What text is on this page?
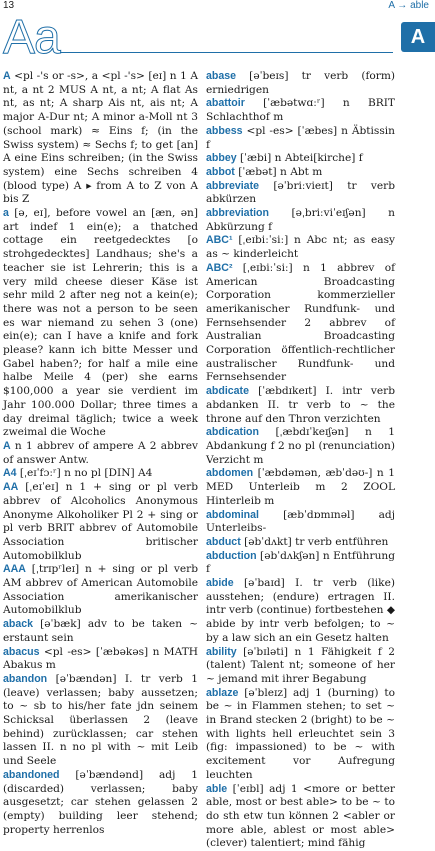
13	A → able
Aa	A

A <pl -'s or -s>, a <pl -'s> [eɪ] n 1 A nt, a nt 2 MUS A nt, a nt; A flat As nt, as nt; A sharp Ais nt, ais nt; A major A-Dur nt; A minor a-Moll nt 3 (school mark) ≈ Eins f; (in the Swiss system) ≈ Sechs f; to get [an] A eine Eins schreiben; (in the Swiss system) eine Sechs schreiben 4 (blood type) A ▸ from A to Z von A bis Z

a [ə, eɪ], before vowel an [æn, ən] art indef 1 ein(e); a thatched cottage ein reetgedecktes [o strohgedecktes] Landhaus; she's a teacher sie ist Lehrerin; this is a very mild cheese dieser Käse ist sehr mild 2 after neg not a kein(e); there was not a person to be seen es war niemand zu sehen 3 (one) ein(e); can I have a knife and fork please? kann ich bitte Messer und Gabel haben?; for half a mile eine halbe Meile 4 (per) she earns $100,000 a year sie verdient im Jahr 100.000 Dollar; three times a day dreimal täglich; twice a week zweimal die Woche

A n 1 abbrev of ampere A 2 abbrev of answer Antw.

A4 [ˌeɪˈfɔːʳ] n no pl [DIN] A4

AA [ˌeɪˈeɪ] n 1 + sing or pl verb abbrev of Alcoholics Anonymous Anonyme Alkoholiker Pl 2 + sing or pl verb BRIT abbrev of Automobile Association britischer Automobilklub

AAA [ˌtrɪpʳleɪ] n + sing or pl verb AM abbrev of American Automobile Association amerikanischer Automobilklub

aback [əˈbæk] adv to be taken ~ erstaunt sein

abacus <pl -es> [ˈæbəkəs] n MATH Abakus m

abandon [əˈbændən] I. tr verb 1 (leave) verlassen; baby aussetzen; to ~ sb to his/her fate jdn seinem Schicksal überlassen 2 (leave behind) zurücklassen; car stehen lassen II. n no pl with ~ mit Leib und Seele

abandoned [əˈbændənd] adj 1 (discarded) verlassen; baby ausgesetzt; car stehen gelassen 2 (empty) building leer stehend; property herrenlos

abase [əˈbeɪs] tr verb (form) erniedrigen

abattoir [ˈæbətwɑːʳ] n BRIT Schlachthof m

abbess <pl -es> [ˈæbes] n Äbtissin f

abbey [ˈæbi] n Abtei[kirche] f

abbot [ˈæbət] n Abt m

abbreviate [əˈbriːvieɪt] tr verb abkürzen

abbreviation [əˌbriːviˈeɪʃən] n Abkürzung f

ABC¹ [ˌeɪbiːˈsiː] n Abc nt; as easy as ~ kinderleicht

ABC² [ˌeɪbiːˈsiː] n 1 abbrev of American Broadcasting Corporation kommerzieller amerikanischer Rundfunk- und Fernsehsender 2 abbrev of Australian Broadcasting Corporation öffentlich-rechtlicher australischer Rundfunk- und Fernsehsender

abdicate [ˈæbdɪkeɪt] I. intr verb abdanken II. tr verb to ~ the throne auf den Thron verzichten

abdication [ˌæbdɪˈkeɪʃən] n 1 Abdankung f 2 no pl (renunciation) Verzicht m

abdomen [ˈæbdəmən, æbˈdəʊ-] n 1 MED Unterleib m 2 ZOOL Hinterleib m

abdominal [æbˈdɒmɪnəl] adj Unterleibs-

abduct [əbˈdʌkt] tr verb entführen

abduction [əbˈdʌkʃən] n Entführung f

abide [əˈbaɪd] I. tr verb (like) ausstehen; (endure) ertragen II. intr verb (continue) fortbestehen ◆ abide by intr verb befolgen; to ~ by a law sich an ein Gesetz halten

ability [əˈbɪləti] n 1 Fähigkeit f 2 (talent) Talent nt; someone of her ~ jemand mit ihrer Begabung

ablaze [əˈbleɪz] adj 1 (burning) to be ~ in Flammen stehen; to set ~ in Brand stecken 2 (bright) to be ~ with lights hell erleuchtet sein 3 (fig: impassioned) to be ~ with excitement vor Aufregung leuchten

able [ˈeɪbl] adj 1 <more or better able, most or best able> to be ~ to do sth etw tun können 2 <abler or more able, ablest or most able> (clever) talentiert; mind fähig
